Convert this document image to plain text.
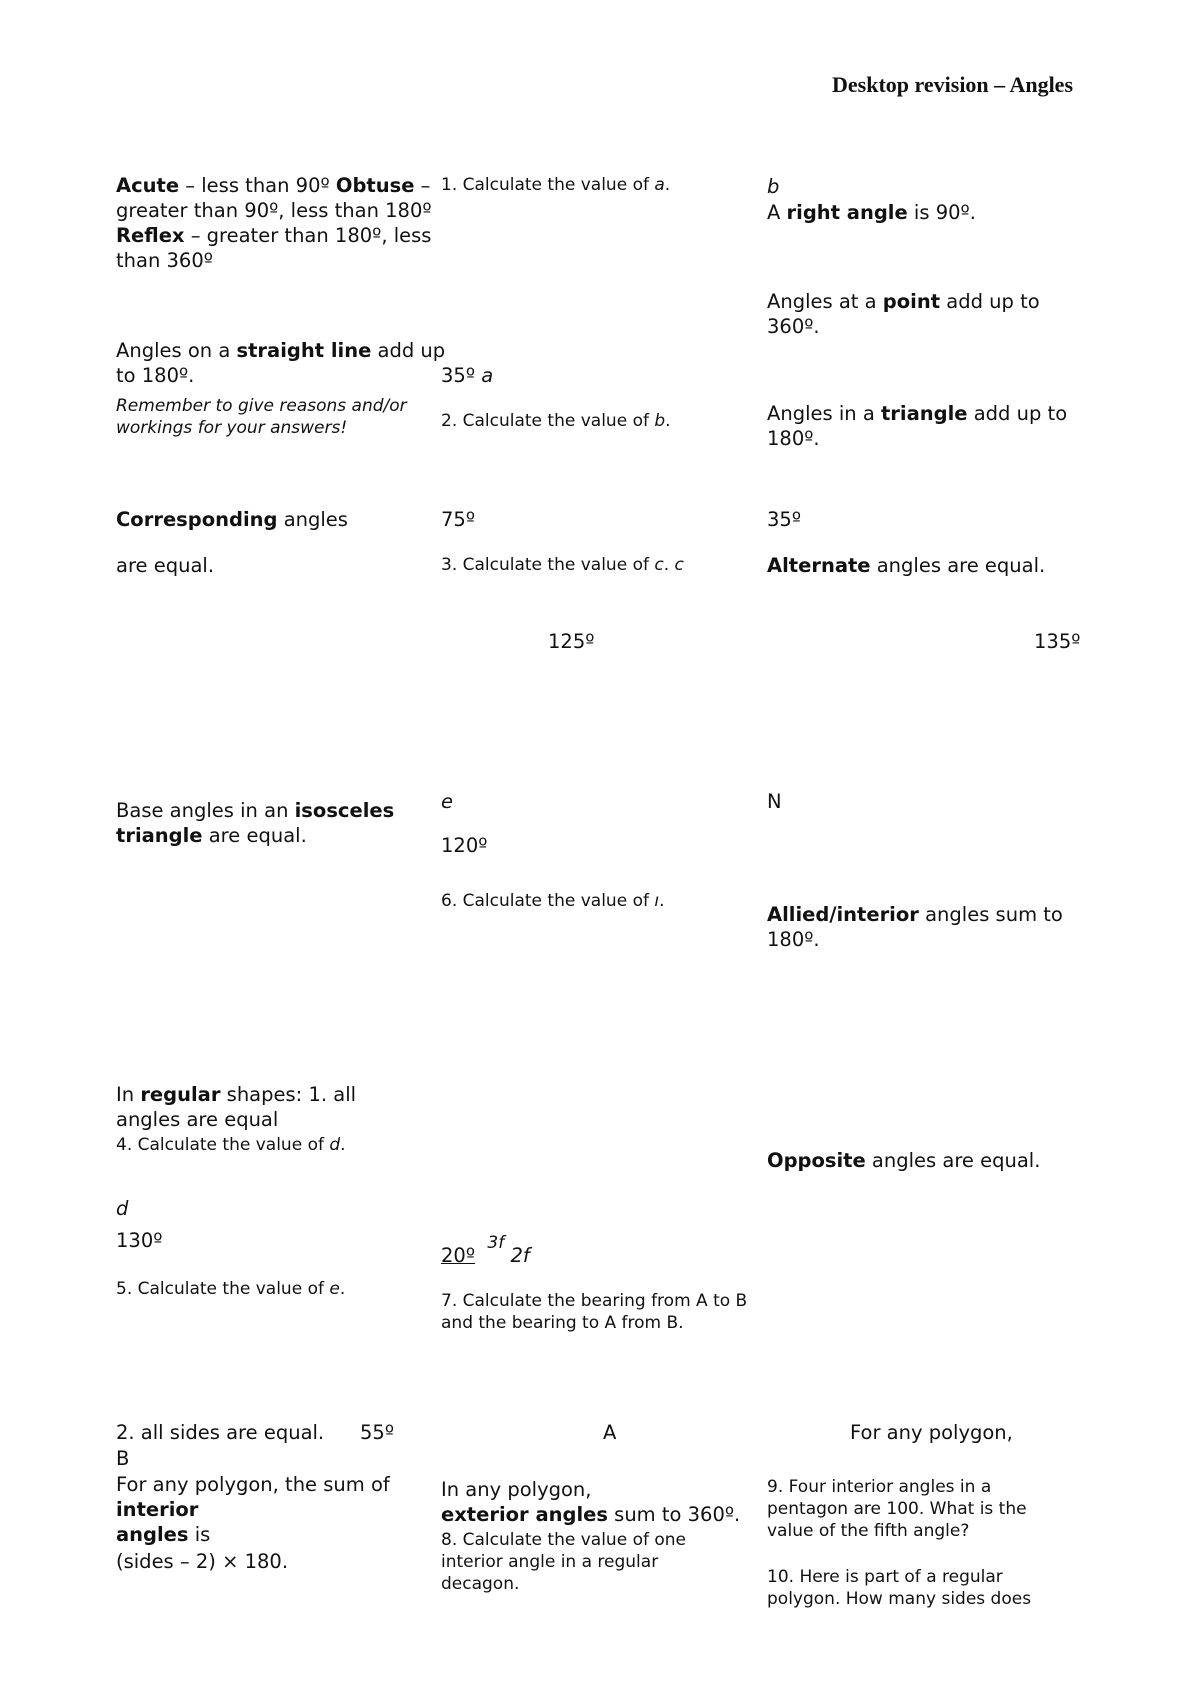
Desktop revision – Angles
Acute – less than 90º Obtuse – greater than 90º, less than 180º Reflex – greater than 180º, less than 360º
Angles on a straight line add up to 180º.
Remember to give reasons and/or workings for your answers!
Corresponding angles
are equal.
Base angles in an isosceles triangle are equal.
In regular shapes: 1. all angles are equal
4. Calculate the value of d.
d
130º
5. Calculate the value of e.
2. all sides are equal. 55º
B
For any polygon, the sum of
interior
angles is
(sides – 2) × 180.
1. Calculate the value of a.
35º a
2. Calculate the value of b.
75º
3. Calculate the value of c. c
125º
e
120º
6. Calculate the value of ı.
20º  3f 2f
7. Calculate the bearing from A to B and the bearing to A from B.
A
In any polygon,
exterior angles sum to 360º.
8. Calculate the value of one interior angle in a regular decagon.
b
A right angle is 90º.
Angles at a point add up to 360º.
Angles in a triangle add up to 180º.
35º
Alternate angles are equal.
135º
N
Allied/interior angles sum to 180º.
Opposite angles are equal.
For any polygon,
9. Four interior angles in a pentagon are 100. What is the value of the fifth angle?
10. Here is part of a regular polygon. How many sides does
